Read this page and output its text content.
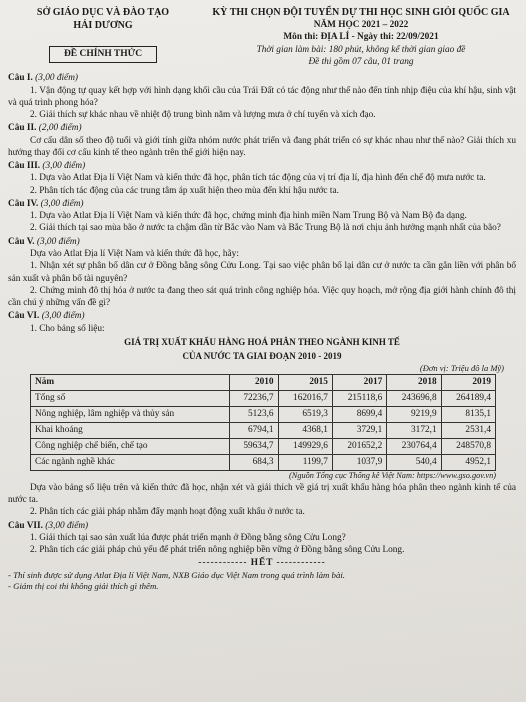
SỞ GIÁO DỤC VÀ ĐÀO TẠO
HẢI DƯƠNG
ĐỀ CHÍNH THỨC
KỲ THI CHỌN ĐỘI TUYỂN DỰ THI HỌC SINH GIỎI QUỐC GIA
NĂM HỌC 2021 – 2022
Môn thi: ĐỊA LÍ - Ngày thi: 22/09/2021
Thời gian làm bài: 180 phút, không kể thời gian giao đề
Đề thi gồm 07 câu, 01 trang
Câu I. (3,00 điểm)
1. Vận động tự quay kết hợp với hình dạng khối cầu của Trái Đất có tác động như thế nào đến tính nhịp điệu của khí hậu, sinh vật và quá trình phong hóa?
2. Giải thích sự khác nhau về nhiệt độ trung bình năm và lượng mưa ở chí tuyến và xích đạo.
Câu II. (2,00 điểm)
Cơ cấu dân số theo độ tuổi và giới tính giữa nhóm nước phát triển và đang phát triển có sự khác nhau như thế nào? Giải thích xu hướng thay đổi cơ cấu kinh tế theo ngành trên thế giới hiện nay.
Câu III. (3,00 điểm)
1. Dựa vào Atlat Địa lí Việt Nam và kiến thức đã học, phân tích tác động của vị trí địa lí, địa hình đến chế độ mưa nước ta.
2. Phân tích tác động của các trung tâm áp xuất hiện theo mùa đến khí hậu nước ta.
Câu IV. (3,00 điểm)
1. Dựa vào Atlat Địa lí Việt Nam và kiến thức đã học, chứng minh địa hình miền Nam Trung Bộ và Nam Bộ đa dạng.
2. Giải thích tại sao mùa bão ở nước ta chậm dần từ Bắc vào Nam và Bắc Trung Bộ là nơi chịu ảnh hưởng mạnh nhất của bão?
Câu V. (3,00 điểm)
Dựa vào Atlat Địa lí Việt Nam và kiến thức đã học, hãy:
1. Nhận xét sự phân bố dân cư ở Đồng bằng sông Cửu Long. Tại sao việc phân bố lại dân cư ở nước ta cần gắn liền với phân bố sản xuất và phân bố tài nguyên?
2. Chứng minh đô thị hóa ở nước ta đang theo sát quá trình công nghiệp hóa. Việc quy hoạch, mở rộng địa giới hành chính đô thị cần chú ý những vấn đề gì?
Câu VI. (3,00 điểm)
1. Cho bảng số liệu:
GIÁ TRỊ XUẤT KHẨU HÀNG HOÁ PHÂN THEO NGÀNH KINH TẾ
CỦA NƯỚC TA GIAI ĐOẠN 2010 - 2019
(Đơn vị: Triệu đô la Mỹ)
Năm	2010	2015	2017	2018	2019
Tổng số	72236,7	162016,7	215118,6	243696,8	264189,4
Nông nghiệp, lâm nghiệp và thủy sản	5123,6	6519,3	8699,4	9219,9	8135,1
Khai khoáng	6794,1	4368,1	3729,1	3172,1	2531,4
Công nghiệp chế biến, chế tạo	59634,7	149929,6	201652,2	230764,4	248570,8
Các ngành nghề khác	684,3	1199,7	1037,9	540,4	4952,1
(Nguồn Tổng cục Thống kê Việt Nam: https://www.gso.gov.vn)
Dựa vào bảng số liệu trên và kiến thức đã học, nhận xét và giải thích về giá trị xuất khẩu hàng hóa phân theo ngành kinh tế của nước ta.
2. Phân tích các giải pháp nhằm đẩy mạnh hoạt động xuất khẩu ở nước ta.
Câu VII. (3,00 điểm)
1. Giải thích tại sao sản xuất lúa được phát triển mạnh ở Đồng bằng sông Cửu Long?
2. Phân tích các giải pháp chủ yếu để phát triển nông nghiệp bền vững ở Đồng bằng sông Cửu Long.
------------ HẾT ------------
- Thí sinh được sử dụng Atlat Địa lí Việt Nam, NXB Giáo dục Việt Nam trong quá trình làm bài.
- Giám thị coi thi không giải thích gì thêm.
